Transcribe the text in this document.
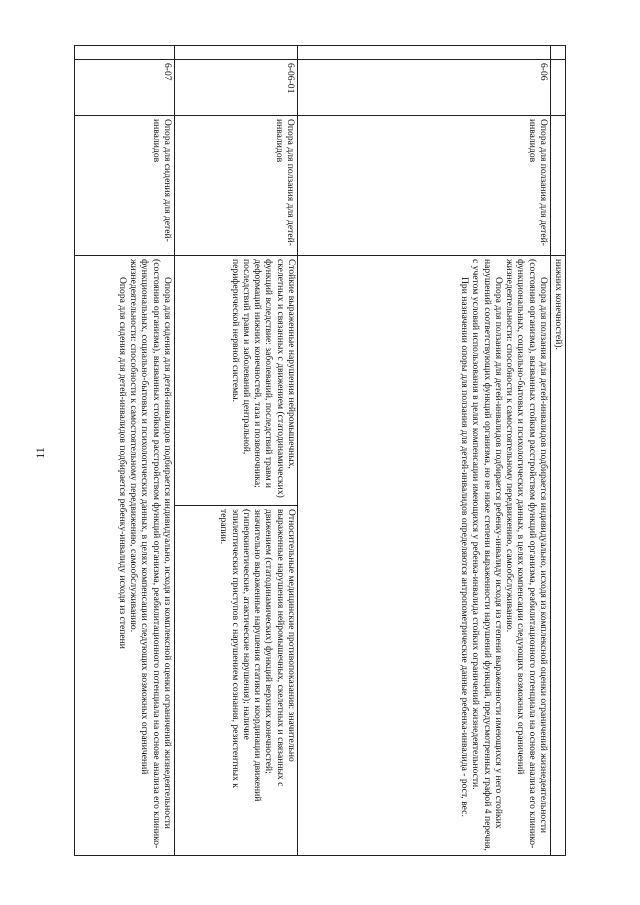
11
			нижних конечностей).
	6-06	Опора для ползания для детей-инвалидов	Опора для ползания для детей-инвалидов подбирается индивидуально, исходя из комплексной оценки ограничений жизнедеятельности (состояния организма), вызванных стойким расстройством функций организма, реабилитационного потенциала на основе анализа его клинико-функциональных, социально-бытовых и психологических данных, в целях компенсации следующих возможных ограничений жизнедеятельности: способности к самостоятельному передвижению, самообслуживанию.

Опора для ползания для детей-инвалидов подбирается ребенку-инвалиду исходя из степени выраженности имеющихся у него стойких нарушений соответствующих функций организма, но не ниже степени выраженности нарушений функций, предусмотренных графой 4 перечня, с учетом условий использования в целях компенсации имеющихся у ребенка-инвалида стойких ограничений жизнедеятельности.

При назначении опоры для ползания для детей-инвалидов определяются антропометрические данные ребенка-инвалида - рост, вес.

	6-06-01	Опора для ползания для детей-инвалидов	Стойкие выраженные нарушения нейромышечных, скелетных и связанных с движением (статодинамических) функций вследствие: заболеваний, последствий травм и деформаций нижних конечностей, таза и позвоночника; последствий травм и заболеваний центральной, периферической нервной системы.
Относительные медицинские противопоказания: значительно выраженные нарушения нейромышечных, скелетных и связанных с движением (статодинамических) функций верхних конечностей; значительно выраженные нарушения статики и координации движений (гиперкинетические, атактические нарушения); наличие эпилептических приступов с нарушением сознания, резистентных к терапии.

	6-07	Опора для сидения для детей-инвалидов	Опора для сидения для детей-инвалидов подбирается индивидуально, исходя из комплексной оценки ограничений жизнедеятельности (состояния организма), вызванных стойким расстройством функций организма, реабилитационного потенциала на основе анализа его клинико-функциональных, социально-бытовых и психологических данных, в целях компенсации следующих возможных ограничений жизнедеятельности: способности к самостоятельному передвижению, самообслуживанию.

Опора для сидения для детей-инвалидов подбирается ребенку-инвалиду исходя из степени
